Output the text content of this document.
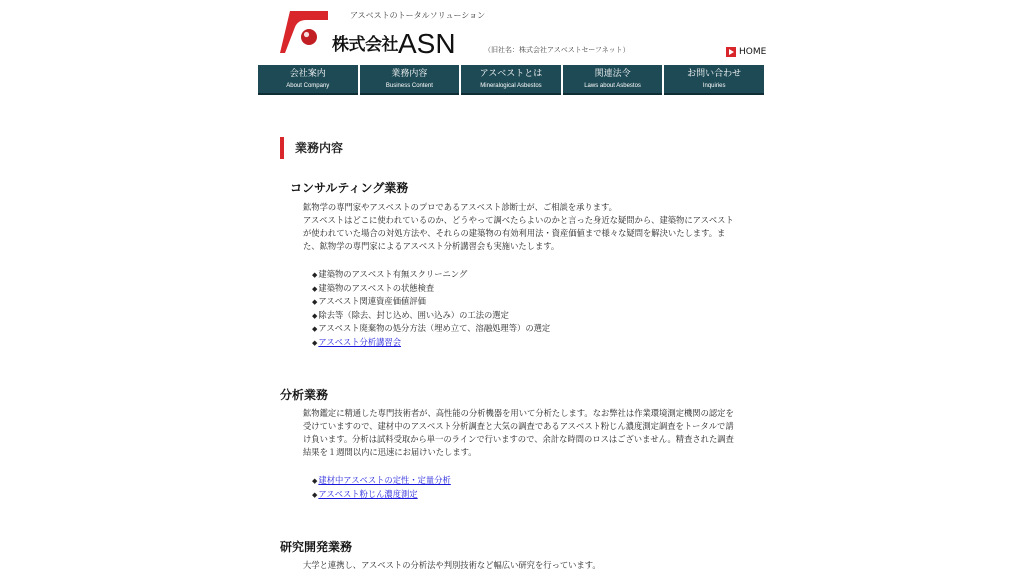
アスベストのトータルソリューション
株式会社ASN	（旧社名：株式会社アスベストセーフネット）	HOME
会社案内
About Company
業務内容
Business Content
アスベストとは
Mineralogical Asbestos
関連法令
Laws about Asbestos
お問い合わせ
Inquiries
業務内容
コンサルティング業務
鉱物学の専門家やアスベストのプロであるアスベスト診断士が、ご相談を承ります。
アスベストはどこに使われているのか、どうやって調べたらよいのかと言った身近な疑問から、建築物にアスベスト
が使われていた場合の対処方法や、それらの建築物の有効利用法・資産価値まで様々な疑問を解決いたします。ま
た、鉱物学の専門家によるアスベスト分析講習会も実施いたします。
◆ 建築物のアスベスト有無スクリーニング
◆ 建築物のアスベストの状態検査
◆ アスベスト関連資産価値評価
◆ 除去等（除去、封じ込め、囲い込み）の工法の選定
◆ アスベスト廃棄物の処分方法（埋め立て、溶融処理等）の選定
◆ アスベスト分析講習会
分析業務
鉱物鑑定に精通した専門技術者が、高性能の分析機器を用いて分析たします。なお弊社は作業環境測定機関の認定を
受けていますので、建材中のアスベスト分析調査と大気の調査であるアスベスト粉じん濃度測定調査をトータルで請
け負います。分析は試料受取から単一のラインで行いますので、余計な時間のロスはございません。精査された調査
結果を１週間以内に迅速にお届けいたします。
◆ 建材中アスベストの定性・定量分析
◆ アスベスト粉じん濃度測定
研究開発業務
大学と連携し、アスベストの分析法や判別技術など幅広い研究を行っています。
